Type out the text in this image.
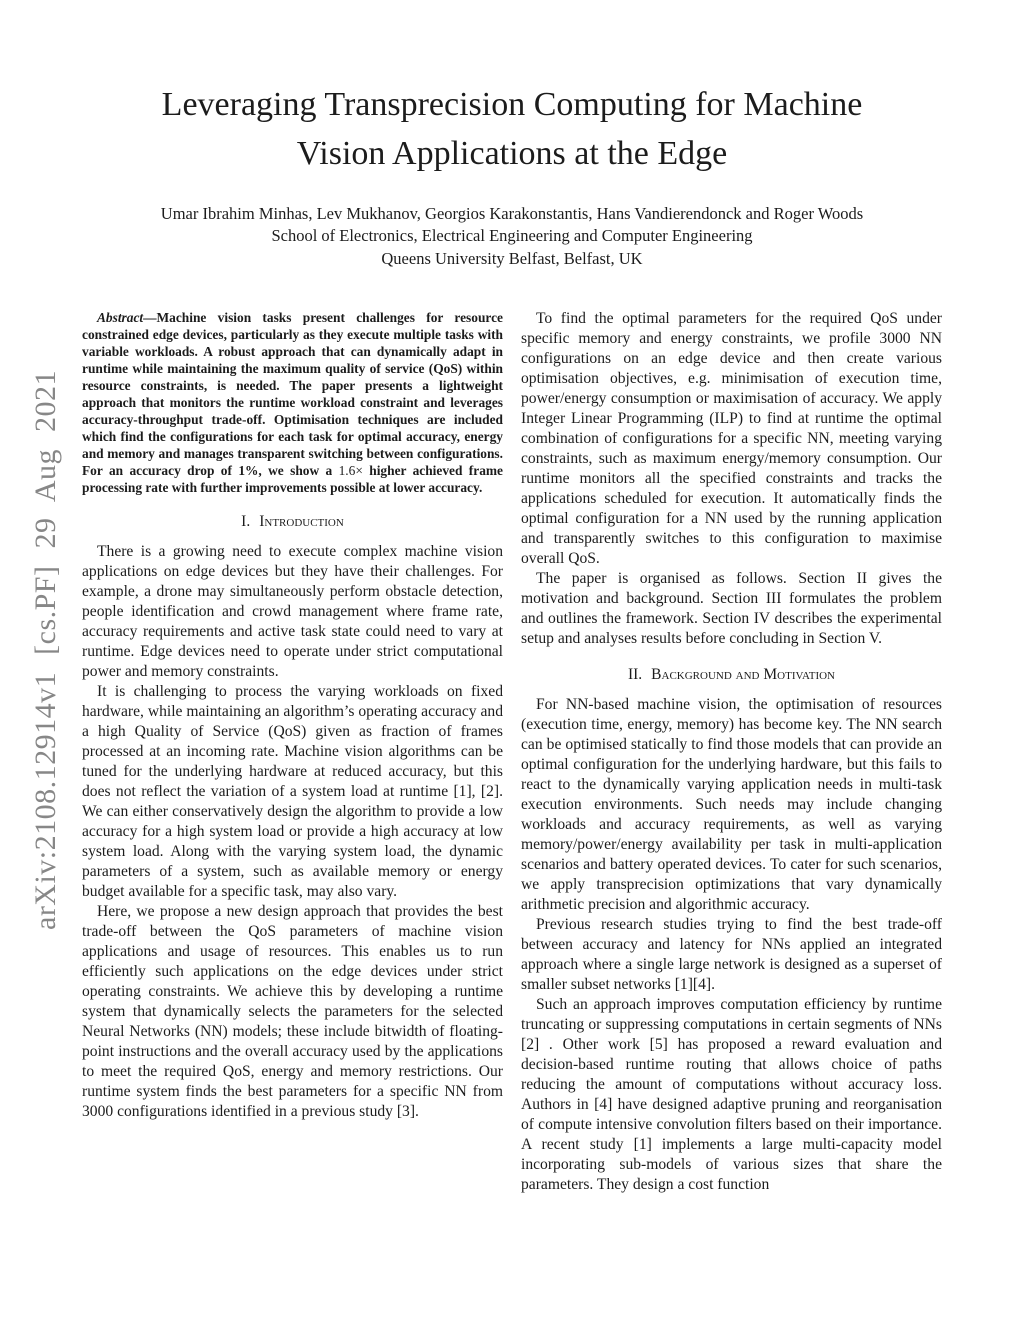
arXiv:2108.12914v1 [cs.PF] 29 Aug 2021
Leveraging Transprecision Computing for Machine
Vision Applications at the Edge
Umar Ibrahim Minhas, Lev Mukhanov, Georgios Karakonstantis, Hans Vandierendonck and Roger Woods
School of Electronics, Electrical Engineering and Computer Engineering
Queens University Belfast, Belfast, UK

Abstract—Machine vision tasks present challenges for resource constrained edge devices, particularly as they execute multiple tasks with variable workloads. A robust approach that can dynamically adapt in runtime while maintaining the maximum quality of service (QoS) within resource constraints, is needed. The paper presents a lightweight approach that monitors the runtime workload constraint and leverages accuracy-throughput trade-off. Optimisation techniques are included which find the configurations for each task for optimal accuracy, energy and memory and manages transparent switching between configurations. For an accuracy drop of 1%, we show a 1.6× higher achieved frame processing rate with further improvements possible at lower accuracy.

I. Introduction

There is a growing need to execute complex machine vision applications on edge devices but they have their challenges. For example, a drone may simultaneously perform obstacle detection, people identification and crowd management where frame rate, accuracy requirements and active task state could need to vary at runtime. Edge devices need to operate under strict computational power and memory constraints.

It is challenging to process the varying workloads on fixed hardware, while maintaining an algorithm’s operating accuracy and a high Quality of Service (QoS) given as fraction of frames processed at an incoming rate. Machine vision algorithms can be tuned for the underlying hardware at reduced accuracy, but this does not reflect the variation of a system load at runtime [1], [2]. We can either conservatively design the algorithm to provide a low accuracy for a high system load or provide a high accuracy at low system load. Along with the varying system load, the dynamic parameters of a system, such as available memory or energy budget available for a specific task, may also vary.

Here, we propose a new design approach that provides the best trade-off between the QoS parameters of machine vision applications and usage of resources. This enables us to run efficiently such applications on the edge devices under strict operating constraints. We achieve this by developing a runtime system that dynamically selects the parameters for the selected Neural Networks (NN) models; these include bitwidth of floating-point instructions and the overall accuracy used by the applications to meet the required QoS, energy and memory restrictions. Our runtime system finds the best parameters for a specific NN from 3000 configurations identified in a previous study [3].

To find the optimal parameters for the required QoS under specific memory and energy constraints, we profile 3000 NN configurations on an edge device and then create various optimisation objectives, e.g. minimisation of execution time, power/energy consumption or maximisation of accuracy. We apply Integer Linear Programming (ILP) to find at runtime the optimal combination of configurations for a specific NN, meeting varying constraints, such as maximum energy/memory consumption. Our runtime monitors all the specified constraints and tracks the applications scheduled for execution. It automatically finds the optimal configuration for a NN used by the running application and transparently switches to this configuration to maximise overall QoS.

The paper is organised as follows. Section II gives the motivation and background. Section III formulates the problem and outlines the framework. Section IV describes the experimental setup and analyses results before concluding in Section V.

II. Background and Motivation

For NN-based machine vision, the optimisation of resources (execution time, energy, memory) has become key. The NN search can be optimised statically to find those models that can provide an optimal configuration for the underlying hardware, but this fails to react to the dynamically varying application needs in multi-task execution environments. Such needs may include changing workloads and accuracy requirements, as well as varying memory/power/energy availability per task in multi-application scenarios and battery operated devices. To cater for such scenarios, we apply transprecision optimizations that vary dynamically arithmetic precision and algorithmic accuracy.

Previous research studies trying to find the best trade-off between accuracy and latency for NNs applied an integrated approach where a single large network is designed as a superset of smaller subset networks [1][4].

Such an approach improves computation efficiency by runtime truncating or suppressing computations in certain segments of NNs [2] . Other work [5] has proposed a reward evaluation and decision-based runtime routing that allows choice of paths reducing the amount of computations without accuracy loss. Authors in [4] have designed adaptive pruning and reorganisation of compute intensive convolution filters based on their importance. A recent study [1] implements a large multi-capacity model incorporating sub-models of various sizes that share the parameters. They design a cost function
